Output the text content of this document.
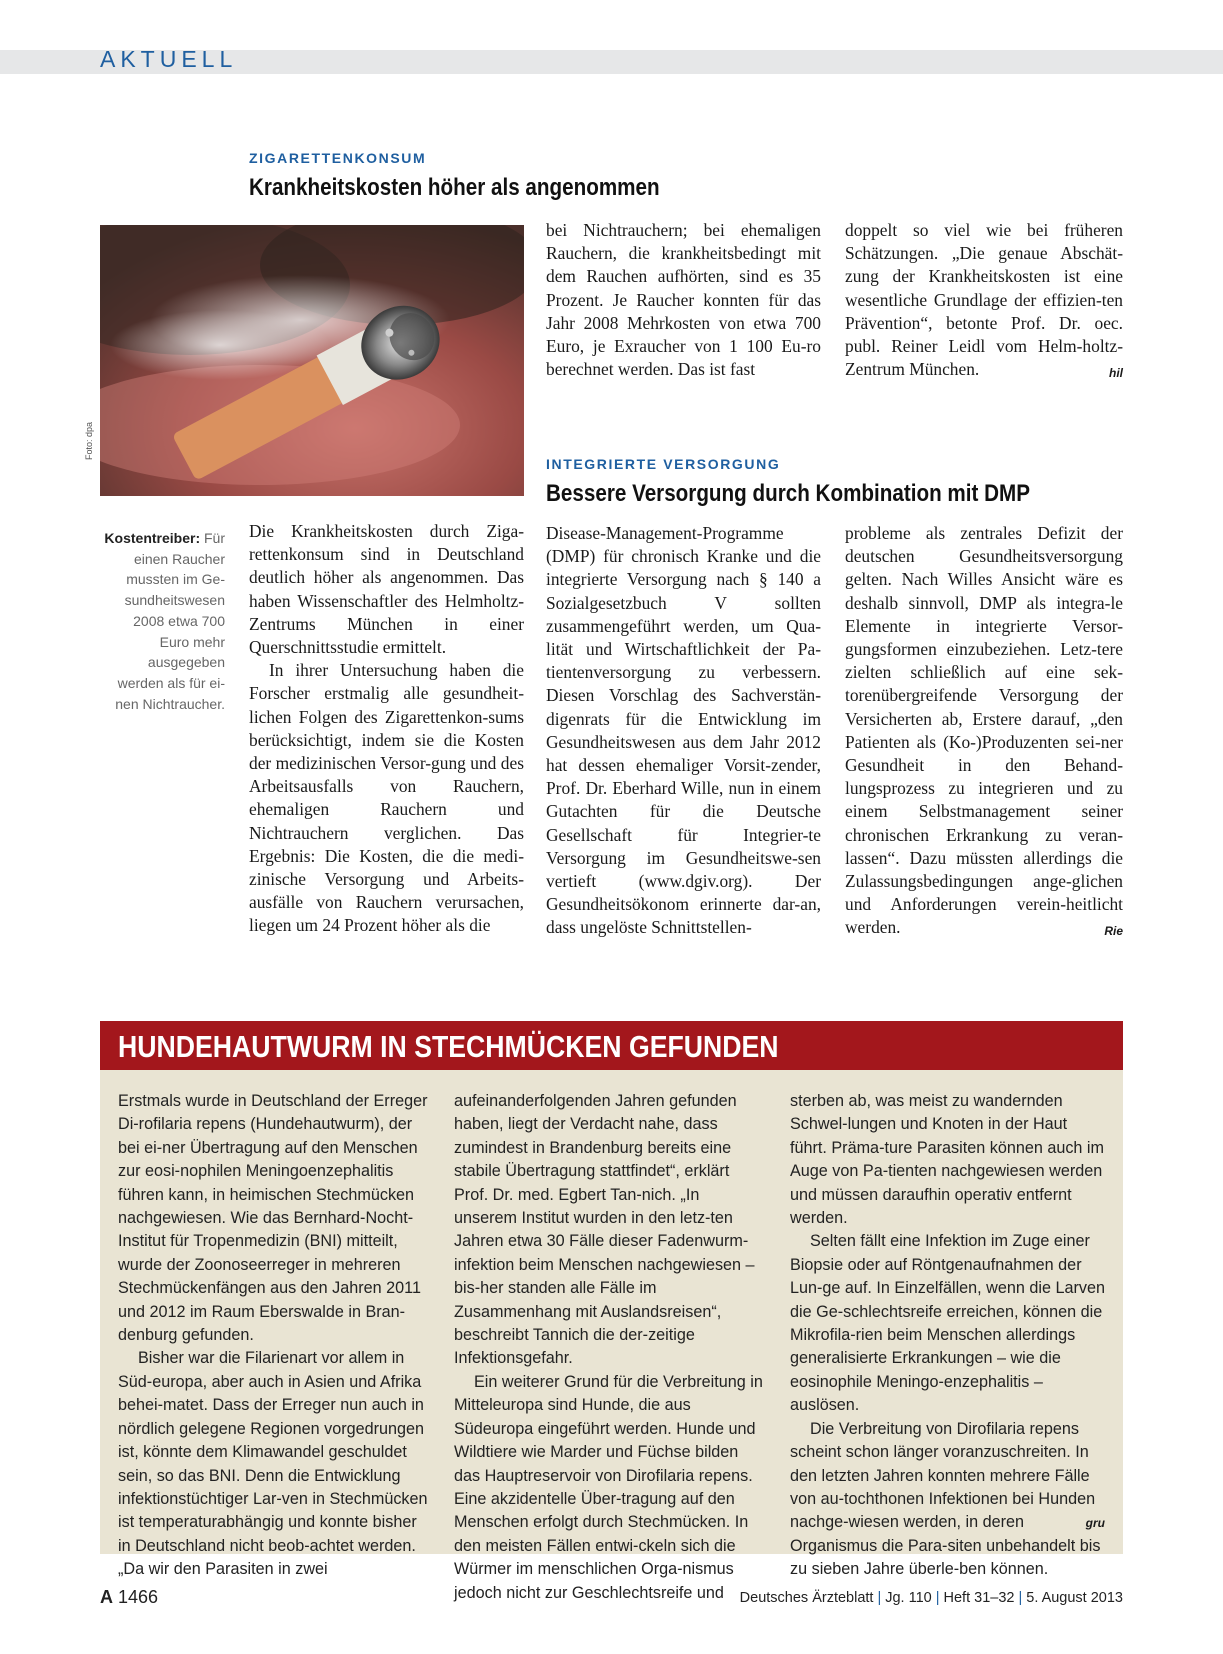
AKTUELL
ZIGARETTENKONSUM
Krankheitskosten höher als angenommen
Foto: dpa
Kostentreiber: Für einen Raucher mussten im Ge-sundheitswesen 2008 etwa 700 Euro mehr ausgegeben werden als für ei-nen Nichtraucher.

Die Krankheitskosten durch Ziga-rettenkonsum sind in Deutschland deutlich höher als angenommen. Das haben Wissenschaftler des Helmholtz-Zentrums München in einer Querschnittsstudie ermittelt.

In ihrer Untersuchung haben die Forscher erstmalig alle gesundheit-lichen Folgen des Zigarettenkon-sums berücksichtigt, indem sie die Kosten der medizinischen Versor-gung und des Arbeitsausfalls von Rauchern, ehemaligen Rauchern und Nichtrauchern verglichen. Das Ergebnis: Die Kosten, die die medi-zinische Versorgung und Arbeits-ausfälle von Rauchern verursachen, liegen um 24 Prozent höher als die

bei Nichtrauchern; bei ehemaligen Rauchern, die krankheitsbedingt mit dem Rauchen aufhörten, sind es 35 Prozent. Je Raucher konnten für das Jahr 2008 Mehrkosten von etwa 700 Euro, je Exraucher von 1 100 Eu-ro berechnet werden. Das ist fast

doppelt so viel wie bei früheren Schätzungen. „Die genaue Abschät-zung der Krankheitskosten ist eine wesentliche Grundlage der effizien-ten Prävention“, betonte Prof. Dr. oec. publ. Reiner Leidl vom Helm-holtz-Zentrum München.	hil

INTEGRIERTE VERSORGUNG
Bessere Versorgung durch Kombination mit DMP

Disease-Management-Programme (DMP) für chronisch Kranke und die integrierte Versorgung nach § 140 a Sozialgesetzbuch V sollten zusammengeführt werden, um Qua-lität und Wirtschaftlichkeit der Pa-tientenversorgung zu verbessern. Diesen Vorschlag des Sachverstän-digenrats für die Entwicklung im Gesundheitswesen aus dem Jahr 2012 hat dessen ehemaliger Vorsit-zender, Prof. Dr. Eberhard Wille, nun in einem Gutachten für die Deutsche Gesellschaft für Integrier-te Versorgung im Gesundheitswe-sen vertieft (www.dgiv.org). Der Gesundheitsökonom erinnerte dar-an, dass ungelöste Schnittstellen-

probleme als zentrales Defizit der deutschen Gesundheitsversorgung gelten. Nach Willes Ansicht wäre es deshalb sinnvoll, DMP als integra-le Elemente in integrierte Versor-gungsformen einzubeziehen. Letz-tere zielten schließlich auf eine sek-torenübergreifende Versorgung der Versicherten ab, Erstere darauf, „den Patienten als (Ko-)Produzenten sei-ner Gesundheit in den Behand-lungsprozess zu integrieren und zu einem Selbstmanagement seiner chronischen Erkrankung zu veran-lassen“. Dazu müssten allerdings die Zulassungsbedingungen ange-glichen und Anforderungen verein-heitlicht werden.	Rie

HUNDEHAUTWURM IN STECHMÜCKEN GEFUNDEN

Erstmals wurde in Deutschland der Erreger Di-rofilaria repens (Hundehautwurm), der bei ei-ner Übertragung auf den Menschen zur eosi-nophilen Meningoenzephalitis führen kann, in heimischen Stechmücken nachgewiesen. Wie das Bernhard-Nocht-Institut für Tropenmedizin (BNI) mitteilt, wurde der Zoonoseerreger in mehreren Stechmückenfängen aus den Jahren 2011 und 2012 im Raum Eberswalde in Bran-denburg gefunden.

Bisher war die Filarienart vor allem in Süd-europa, aber auch in Asien und Afrika behei-matet. Dass der Erreger nun auch in nördlich gelegene Regionen vorgedrungen ist, könnte dem Klimawandel geschuldet sein, so das BNI. Denn die Entwicklung infektionstüchtiger Lar-ven in Stechmücken ist temperaturabhängig und konnte bisher in Deutschland nicht beob-achtet werden. „Da wir den Parasiten in zwei

aufeinanderfolgenden Jahren gefunden haben, liegt der Verdacht nahe, dass zumindest in Brandenburg bereits eine stabile Übertragung stattfindet“, erklärt Prof. Dr. med. Egbert Tan-nich. „In unserem Institut wurden in den letz-ten Jahren etwa 30 Fälle dieser Fadenwurm-infektion beim Menschen nachgewiesen – bis-her standen alle Fälle im Zusammenhang mit Auslandsreisen“, beschreibt Tannich die der-zeitige Infektionsgefahr.

Ein weiterer Grund für die Verbreitung in Mitteleuropa sind Hunde, die aus Südeuropa eingeführt werden. Hunde und Wildtiere wie Marder und Füchse bilden das Hauptreservoir von Dirofilaria repens. Eine akzidentelle Über-tragung auf den Menschen erfolgt durch Stechmücken. In den meisten Fällen entwi-ckeln sich die Würmer im menschlichen Orga-nismus jedoch nicht zur Geschlechtsreife und

sterben ab, was meist zu wandernden Schwel-lungen und Knoten in der Haut führt. Präma-ture Parasiten können auch im Auge von Pa-tienten nachgewiesen werden und müssen daraufhin operativ entfernt werden.

Selten fällt eine Infektion im Zuge einer Biopsie oder auf Röntgenaufnahmen der Lun-ge auf. In Einzelfällen, wenn die Larven die Ge-schlechtsreife erreichen, können die Mikrofila-rien beim Menschen allerdings generalisierte Erkrankungen – wie die eosinophile Meningo-enzephalitis – auslösen.

Die Verbreitung von Dirofilaria repens scheint schon länger voranzuschreiten. In den letzten Jahren konnten mehrere Fälle von au-tochthonen Infektionen bei Hunden nachge-wiesen werden, in deren Organismus die Para-siten unbehandelt bis zu sieben Jahre überle-ben können.

gru
A 1466	Deutsches Ärzteblatt | Jg. 110 | Heft 31–32 | 5. August 2013
